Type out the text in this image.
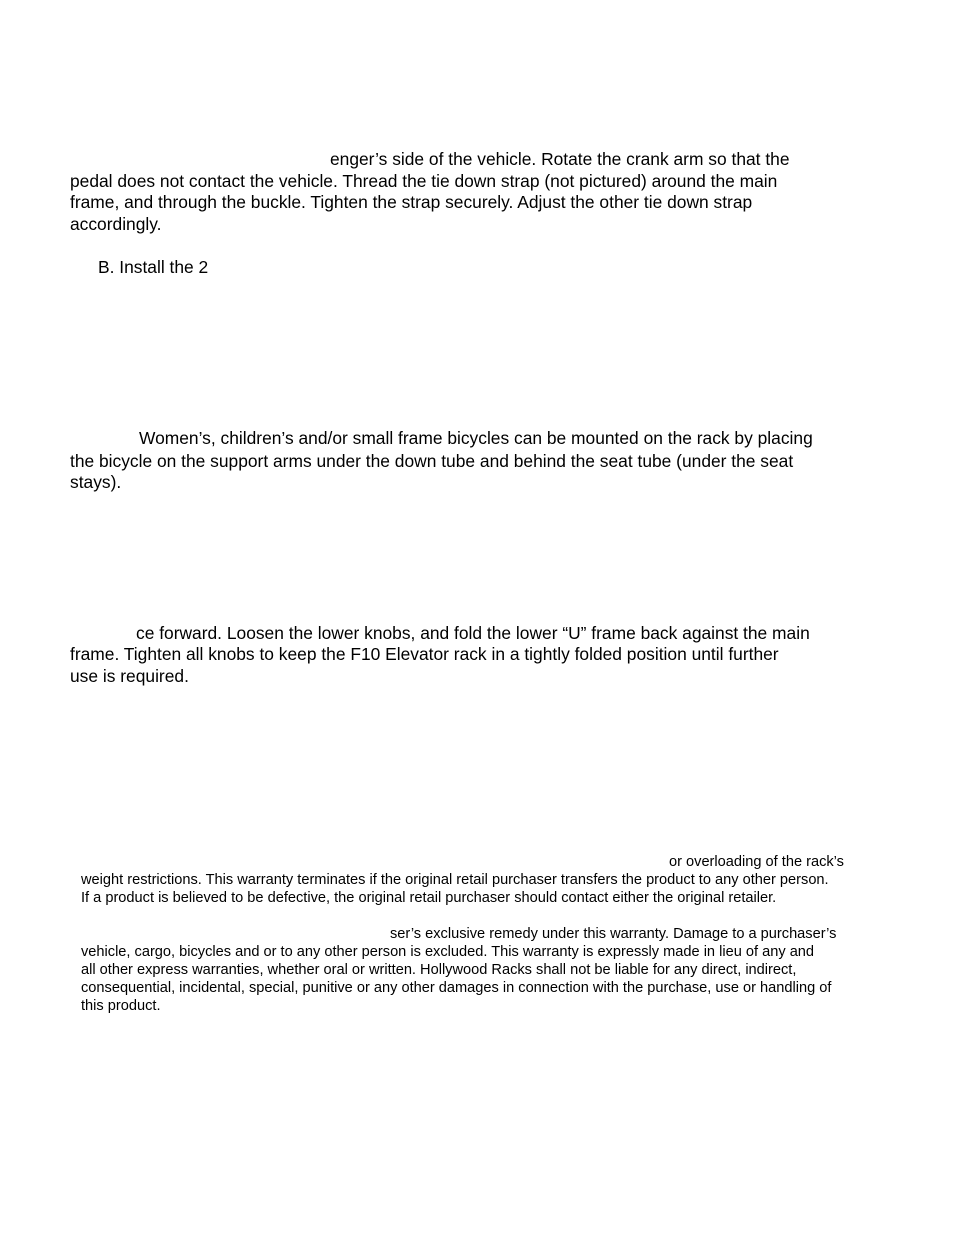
enger’s side of the vehicle. Rotate the crank arm so that the

pedal does not contact the vehicle. Thread the tie down strap (not pictured) around the main

frame, and through the buckle. Tighten the strap securely. Adjust the other tie down strap

accordingly.

B. Install the 2

Women’s, children’s and/or small frame bicycles can be mounted on the rack by placing

the bicycle on the support arms under the down tube and behind the seat tube (under the seat

stays).

ce forward. Loosen the lower knobs, and fold the lower “U” frame back against the main

frame. Tighten all knobs to keep the F10 Elevator rack in a tightly folded position until further

use is required.

or overloading of the rack’s

weight restrictions. This warranty terminates if the original retail purchaser transfers the product to any other person.

If a product is believed to be defective, the original retail purchaser should contact either the original retailer.

ser’s exclusive remedy under this warranty. Damage to a purchaser’s

vehicle, cargo, bicycles and or to any other person is excluded. This warranty is expressly made in lieu of any and

all other express warranties, whether oral or written. Hollywood Racks shall not be liable for any direct, indirect,

consequential, incidental, special, punitive or any other damages in connection with the purchase, use or handling of

this product.
